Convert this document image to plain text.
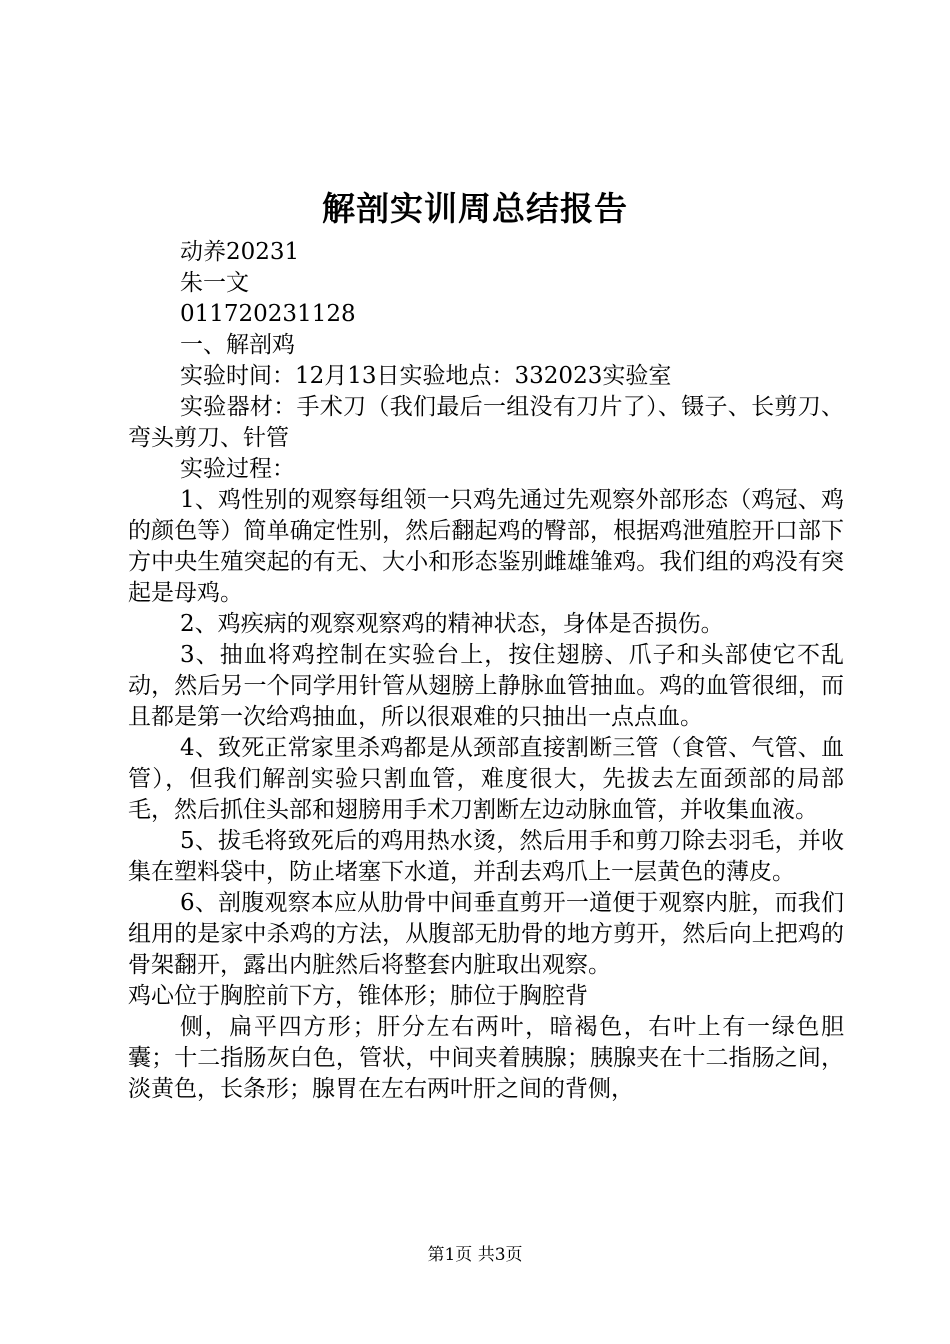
解剖实训周总结报告

动养20231

朱一文

011720231128

一、解剖鸡

实验时间：12月13日实验地点：332023实验室

实验器材：手术刀（我们最后一组没有刀片了）、镊子、长剪刀、弯头剪刀、针管

实验过程：

1、鸡性别的观察每组领一只鸡先通过先观察外部形态（鸡冠、鸡的颜色等）简单确定性别，然后翻起鸡的臀部，根据鸡泄殖腔开口部下方中央生殖突起的有无、大小和形态鉴别雌雄雏鸡。我们组的鸡没有突起是母鸡。

2、鸡疾病的观察观察鸡的精神状态，身体是否损伤。

3、抽血将鸡控制在实验台上，按住翅膀、爪子和头部使它不乱动，然后另一个同学用针管从翅膀上静脉血管抽血。鸡的血管很细，而且都是第一次给鸡抽血，所以很艰难的只抽出一点点血。

4、致死正常家里杀鸡都是从颈部直接割断三管（食管、气管、血管），但我们解剖实验只割血管，难度很大，先拔去左面颈部的局部毛，然后抓住头部和翅膀用手术刀割断左边动脉血管，并收集血液。

5、拔毛将致死后的鸡用热水烫，然后用手和剪刀除去羽毛，并收集在塑料袋中，防止堵塞下水道，并刮去鸡爪上一层黄色的薄皮。

6、剖腹观察本应从肋骨中间垂直剪开一道便于观察内脏，而我们组用的是家中杀鸡的方法，从腹部无肋骨的地方剪开，然后向上把鸡的骨架翻开，露出内脏然后将整套内脏取出观察。

鸡心位于胸腔前下方，锥体形；肺位于胸腔背

侧，扁平四方形；肝分左右两叶，暗褐色，右叶上有一绿色胆囊；十二指肠灰白色，管状，中间夹着胰腺；胰腺夹在十二指肠之间，淡黄色，长条形；腺胃在左右两叶肝之间的背侧，

第1页 共3页
